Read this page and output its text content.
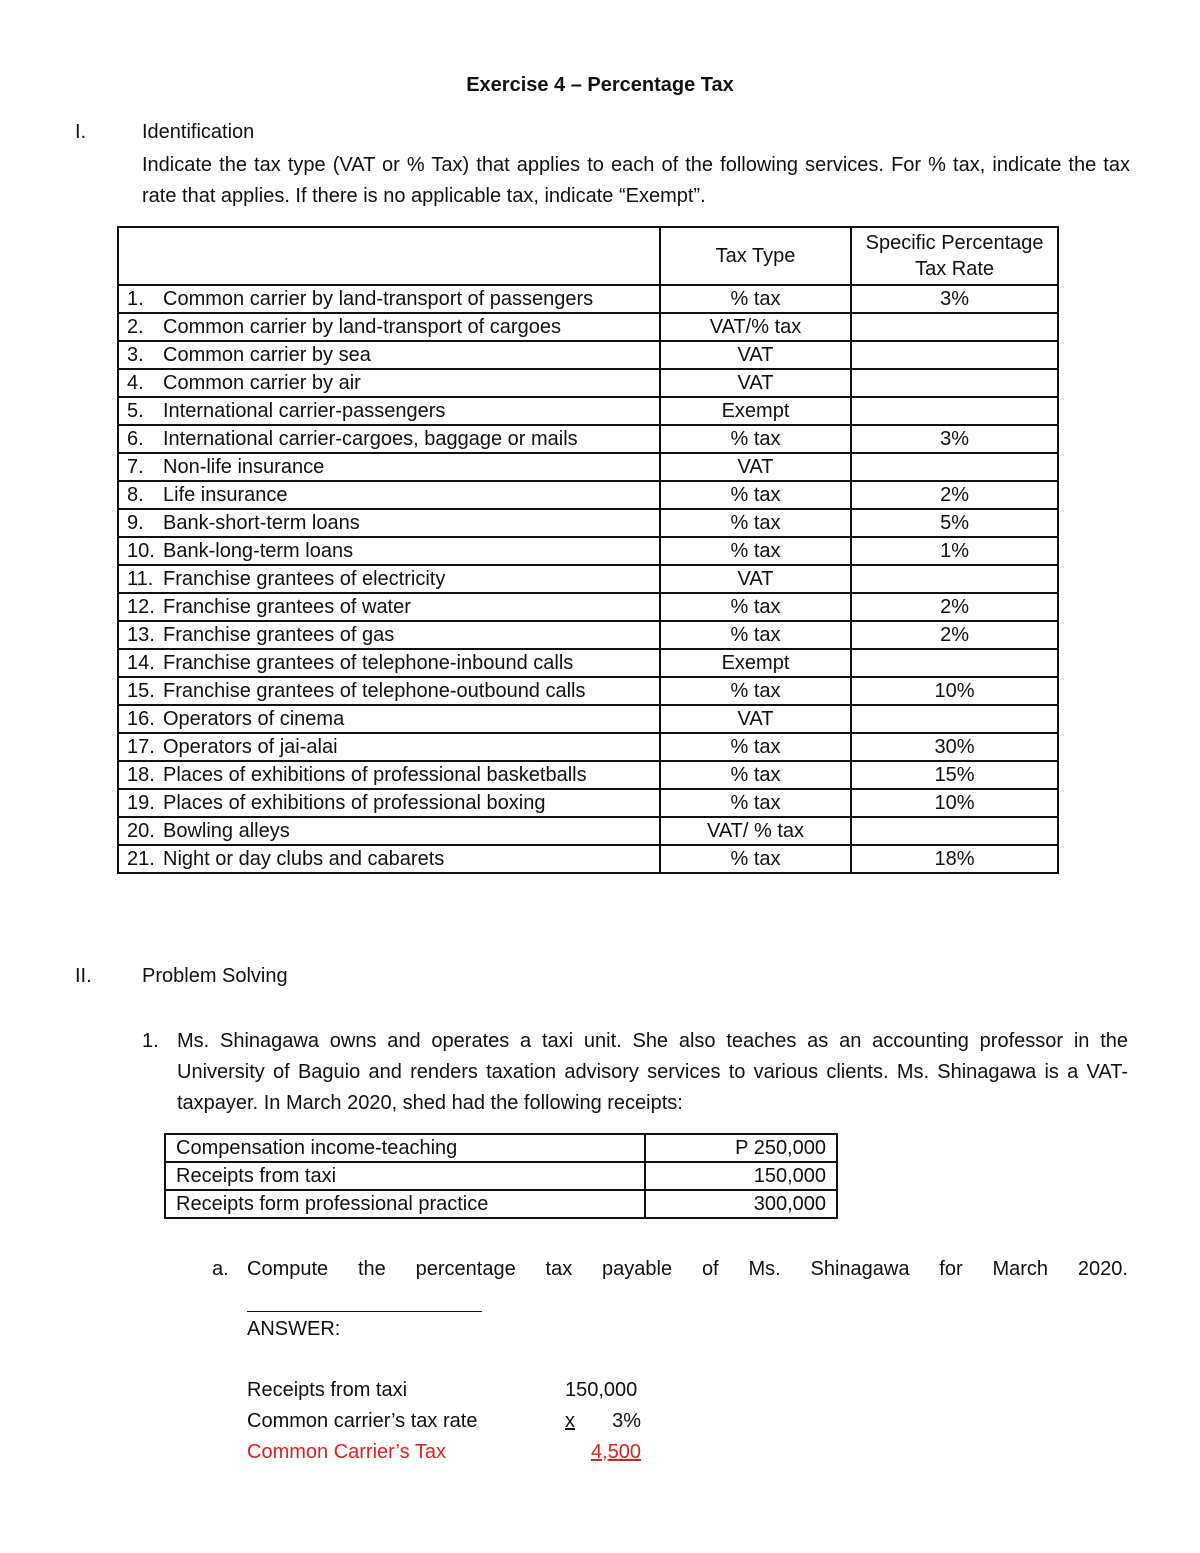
Exercise 4 – Percentage Tax
I.	Identification
Indicate the tax type (VAT or % Tax) that applies to each of the following services. For % tax, indicate the tax rate that applies. If there is no applicable tax, indicate “Exempt”.
	Tax Type	Specific Percentage Tax Rate
1. Common carrier by land-transport of passengers	% tax	3%
2. Common carrier by land-transport of cargoes	VAT/% tax	
3. Common carrier by sea	VAT	
4. Common carrier by air	VAT	
5. International carrier-passengers	Exempt	
6. International carrier-cargoes, baggage or mails	% tax	3%
7. Non-life insurance	VAT	
8. Life insurance	% tax	2%
9. Bank-short-term loans	% tax	5%
10. Bank-long-term loans	% tax	1%
11. Franchise grantees of electricity	VAT	
12. Franchise grantees of water	% tax	2%
13. Franchise grantees of gas	% tax	2%
14. Franchise grantees of telephone-inbound calls	Exempt	
15. Franchise grantees of telephone-outbound calls	% tax	10%
16. Operators of cinema	VAT	
17. Operators of jai-alai	% tax	30%
18. Places of exhibitions of professional basketballs	% tax	15%
19. Places of exhibitions of professional boxing	% tax	10%
20. Bowling alleys	VAT/ % tax	
21. Night or day clubs and cabarets	% tax	18%
II.	Problem Solving
1. Ms. Shinagawa owns and operates a taxi unit. She also teaches as an accounting professor in the University of Baguio and renders taxation advisory services to various clients. Ms. Shinagawa is a VAT-taxpayer. In March 2020, shed had the following receipts:
Compensation income-teaching	P 250,000
Receipts from taxi	150,000
Receipts form professional practice	300,000
a. Compute the percentage tax payable of Ms. Shinagawa for March 2020.
ANSWER:
Receipts from taxi	150,000
Common carrier’s tax rate	x 3%
Common Carrier’s Tax	4,500
